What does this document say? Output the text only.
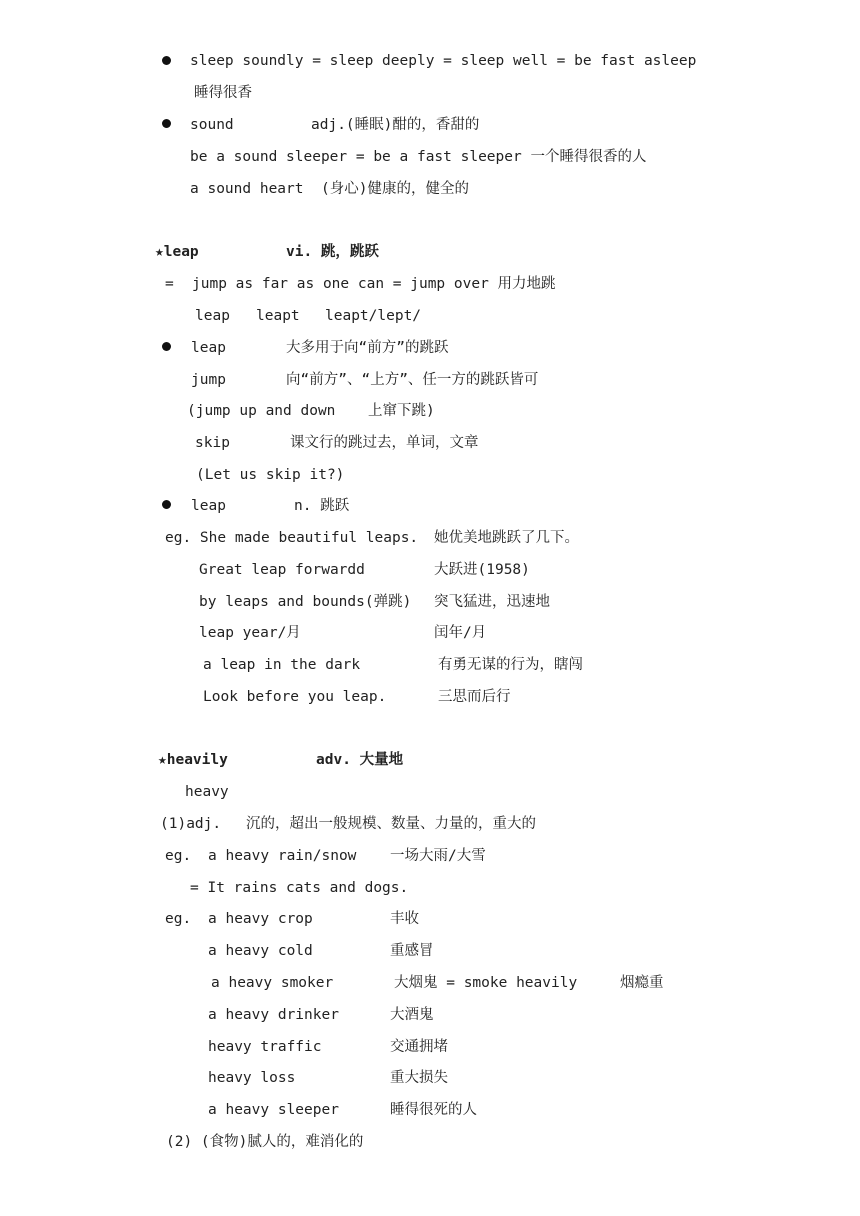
sleep soundly = sleep deeply = sleep well = be fast asleep
睡得很香
sound	adj.(睡眠)酣的，香甜的
be a sound sleeper = be a fast sleeper 一个睡得很香的人
a sound heart (身心)健康的，健全的
★leap	vi. 跳，跳跃
= jump as far as one can = jump over 用力地跳
leap leapt leapt/lept/
leap	大多用于向“前方”的跳跃
jump	向“前方”、“上方”、任一方的跳跃皆可
(jump up and down 上窜下跳)
skip	课文行的跳过去，单词，文章
(Let us skip it?)
leap	n. 跳跃
eg. She made beautiful leaps. 她优美地跳跃了几下。
Great leap forwardd	大跃进(1958)
by leaps and bounds(弹跳) 突飞猛进，迅速地
leap year/月	闰年/月
a leap in the dark	有勇无谋的行为，瞎闯
Look before you leap.	三思而后行
★heavily	adv. 大量地
heavy
(1)adj. 沉的，超出一般规模、数量、力量的，重大的
eg. a heavy rain/snow 一场大雨/大雪
= It rains cats and dogs.
eg. a heavy crop	丰收
a heavy cold	重感冒
a heavy smoker	大烟鬼 = smoke heavily	烟瘾重
a heavy drinker	大酒鬼
heavy traffic	交通拥堵
heavy loss	重大损失
a heavy sleeper	睡得很死的人
(2) (食物)腻人的，难消化的
